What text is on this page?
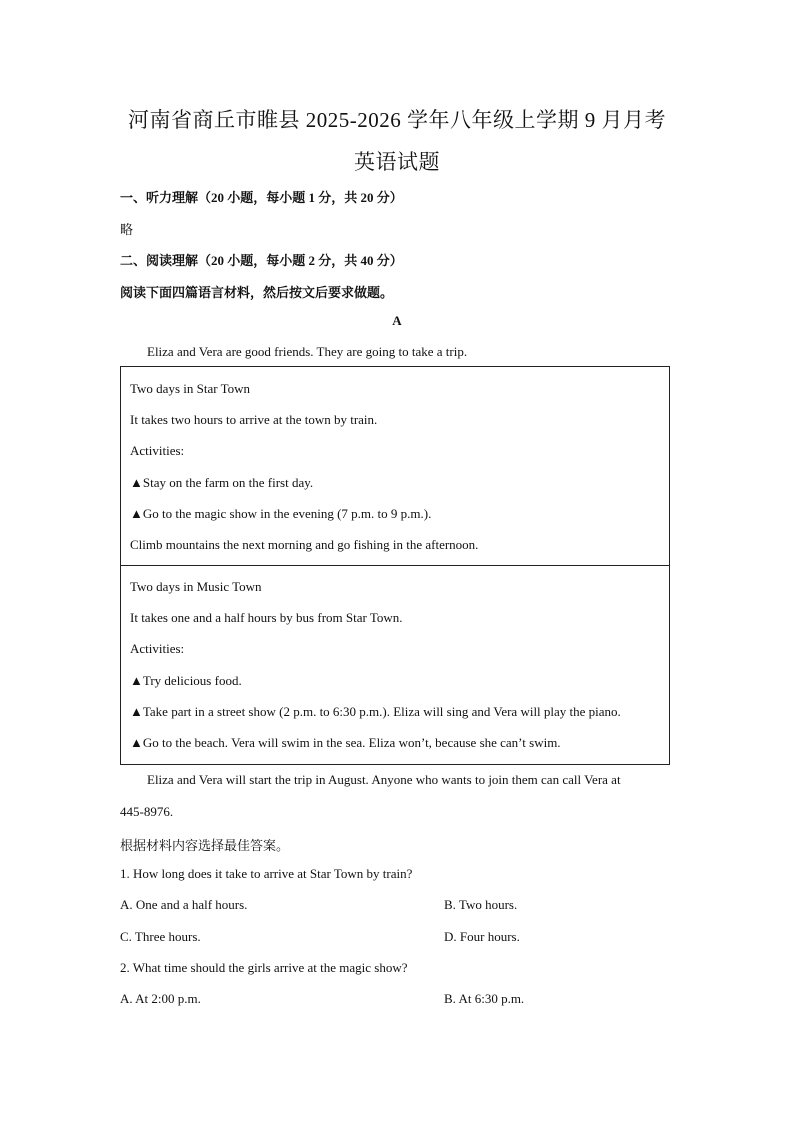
河南省商丘市睢县 2025-2026 学年八年级上学期 9 月月考
英语试题
一、听力理解（20 小题，每小题 1 分，共 20 分）
略
二、阅读理解（20 小题，每小题 2 分，共 40 分）
阅读下面四篇语言材料，然后按文后要求做题。
A
Eliza and Vera are good friends. They are going to take a trip.
Two days in Star Town
It takes two hours to arrive at the town by train.
Activities:
▲Stay on the farm on the first day.
▲Go to the magic show in the evening (7 p.m. to 9 p.m.).
Climb mountains the next morning and go fishing in the afternoon.
Two days in Music Town
It takes one and a half hours by bus from Star Town.
Activities:
▲Try delicious food.
▲Take part in a street show (2 p.m. to 6:30 p.m.). Eliza will sing and Vera will play the piano.
▲Go to the beach. Vera will swim in the sea. Eliza won’t, because she can’t swim.
Eliza and Vera will start the trip in August. Anyone who wants to join them can call Vera at
445-8976.
根据材料内容选择最佳答案。
1. How long does it take to arrive at Star Town by train?
A. One and a half hours.	B. Two hours.
C. Three hours.	D. Four hours.
2. What time should the girls arrive at the magic show?
A. At 2:00 p.m.	B. At 6:30 p.m.
